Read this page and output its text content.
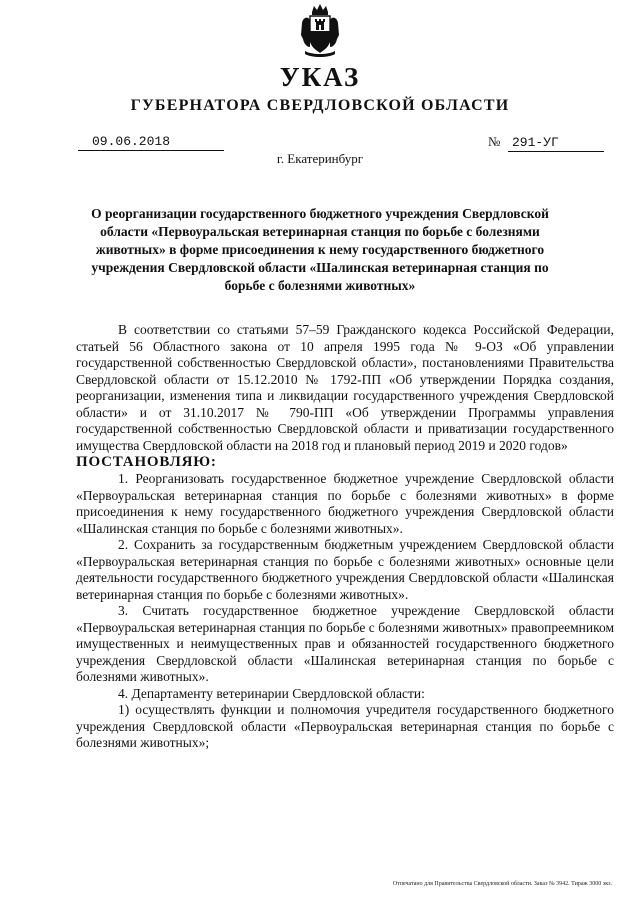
УКАЗ
ГУБЕРНАТОРА СВЕРДЛОВСКОЙ ОБЛАСТИ
09.06.2018	№ 291-УГ
г. Екатеринбург
О реорганизации государственного бюджетного учреждения Свердловской области «Первоуральская ветеринарная станция по борьбе с болезнями животных» в форме присоединения к нему государственного бюджетного учреждения Свердловской области «Шалинская ветеринарная станция по борьбе с болезнями животных»

В соответствии со статьями 57–59 Гражданского кодекса Российской Федерации, статьей 56 Областного закона от 10 апреля 1995 года № 9-ОЗ «Об управлении государственной собственностью Свердловской области», постановлениями Правительства Свердловской области от 15.12.2010 № 1792-ПП «Об утверждении Порядка создания, реорганизации, изменения типа и ликвидации государственного учреждения Свердловской области» и от 31.10.2017 № 790-ПП «Об утверждении Программы управления государственной собственностью Свердловской области и приватизации государственного имущества Свердловской области на 2018 год и плановый период 2019 и 2020 годов»

ПОСТАНОВЛЯЮ:

1. Реорганизовать государственное бюджетное учреждение Свердловской области «Первоуральская ветеринарная станция по борьбе с болезнями животных» в форме присоединения к нему государственного бюджетного учреждения Свердловской области «Шалинская станция по борьбе с болезнями животных».

2. Сохранить за государственным бюджетным учреждением Свердловской области «Первоуральская ветеринарная станция по борьбе с болезнями животных» основные цели деятельности государственного бюджетного учреждения Свердловской области «Шалинская ветеринарная станция по борьбе с болезнями животных».

3. Считать государственное бюджетное учреждение Свердловской области «Первоуральская ветеринарная станция по борьбе с болезнями животных» правопреемником имущественных и неимущественных прав и обязанностей государственного бюджетного учреждения Свердловской области «Шалинская ветеринарная станция по борьбе с болезнями животных».

4. Департаменту ветеринарии Свердловской области:

1) осуществлять функции и полномочия учредителя государственного бюджетного учреждения Свердловской области «Первоуральская ветеринарная станция по борьбе с болезнями животных»;

Отпечатано для Правительства Свердловской области. Заказ № 3942. Тираж 3000 экз.
